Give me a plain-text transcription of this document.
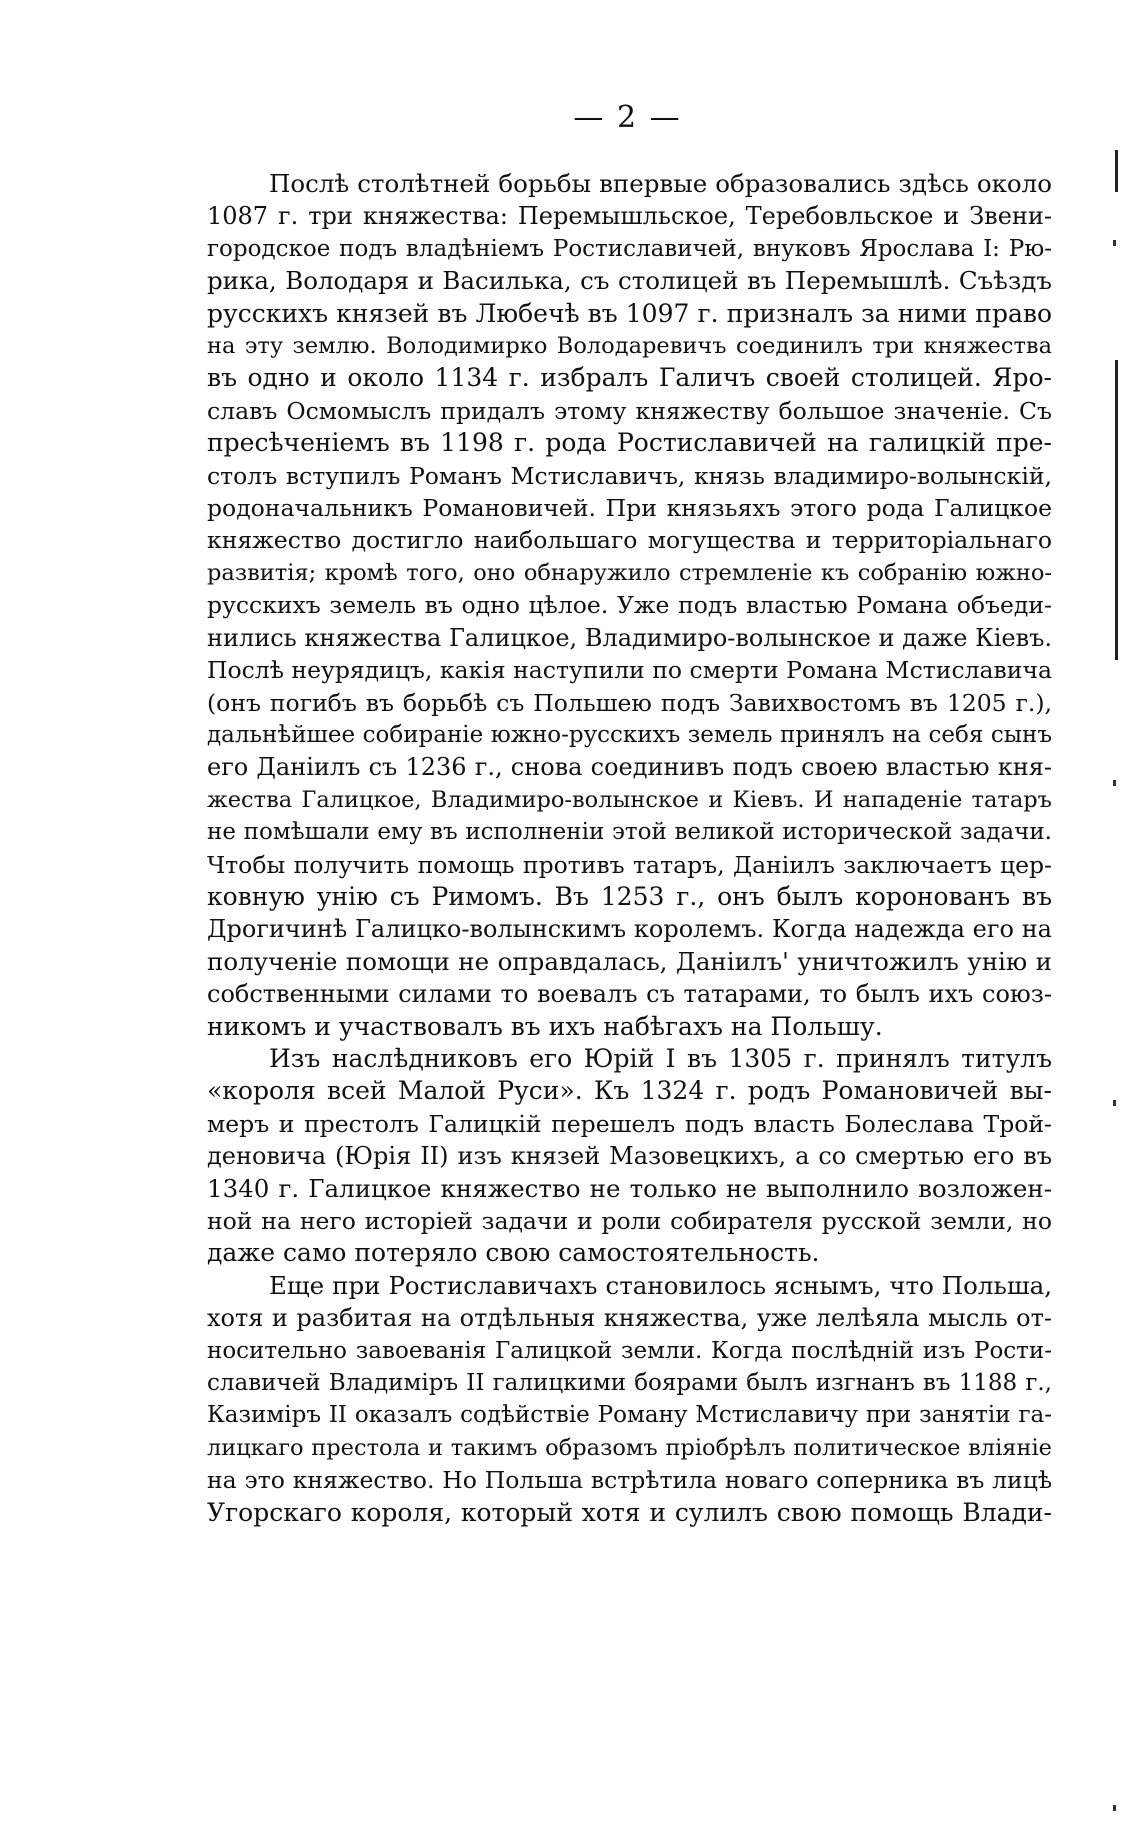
— 2 —
Послѣ столѣтней борьбы впервые образовались здѣсь около
1087 г. три княжества: Перемышльское, Теребовльское и Звени-
городское подъ владѣніемъ Ростиславичей, внуковъ Ярослава I: Рю-
рика, Володаря и Василька, съ столицей въ Перемышлѣ. Съѣздъ
русскихъ князей въ Любечѣ въ 1097 г. призналъ за ними право
на эту землю. Володимирко Володаревичъ соединилъ три княжества
въ одно и около 1134 г. избралъ Галичъ своей столицей. Яро-
славъ Осмомыслъ придалъ этому княжеству большое значеніе. Съ
пресѣченіемъ въ 1198 г. рода Ростиславичей на галицкій пре-
столъ вступилъ Романъ Мстиславичъ, князь владимиро-волынскій,
родоначальникъ Романовичей. При князьяхъ этого рода Галицкое
княжество достигло наибольшаго могущества и территоріальнаго
развитія; кромѣ того, оно обнаружило стремленіе къ собранію южно-
русскихъ земель въ одно цѣлое. Уже подъ властью Романа объеди-
нились княжества Галицкое, Владимиро-волынское и даже Кіевъ.
Послѣ неурядицъ, какія наступили по смерти Романа Мстиславича
(онъ погибъ въ борьбѣ съ Польшею подъ Завихвостомъ въ 1205 г.),
дальнѣйшее собираніе южно-русскихъ земель принялъ на себя сынъ
его Даніилъ съ 1236 г., снова соединивъ подъ своею властью кня-
жества Галицкое, Владимиро-волынское и Кіевъ. И нападеніе татаръ
не помѣшали ему въ исполненіи этой великой исторической задачи.
Чтобы получить помощь противъ татаръ, Даніилъ заключаетъ цер-
ковную унію съ Римомъ. Въ 1253 г., онъ былъ коронованъ въ
Дрогичинѣ Галицко-волынскимъ королемъ. Когда надежда его на
полученіе помощи не оправдалась, Даніилъ' уничтожилъ унію и
собственными силами то воевалъ съ татарами, то былъ ихъ союз-
никомъ и участвовалъ въ ихъ набѣгахъ на Польшу.
Изъ наслѣдниковъ его Юрій I въ 1305 г. принялъ титулъ
«короля всей Малой Руси». Къ 1324 г. родъ Романовичей вы-
меръ и престолъ Галицкій перешелъ подъ власть Болеслава Трой-
деновича (Юрія II) изъ князей Мазовецкихъ, а со смертью его въ
1340 г. Галицкое княжество не только не выполнило возложен-
ной на него исторіей задачи и роли собирателя русской земли, но
даже само потеряло свою самостоятельность.
Еще при Ростиславичахъ становилось яснымъ, что Польша,
хотя и разбитая на отдѣльныя княжества, уже лелѣяла мысль от-
носительно завоеванія Галицкой земли. Когда послѣдній изъ Рости-
славичей Владиміръ II галицкими боярами былъ изгнанъ въ 1188 г.,
Казиміръ II оказалъ содѣйствіе Роману Мстиславичу при занятіи га-
лицкаго престола и такимъ образомъ пріобрѣлъ политическое вліяніе
на это княжество. Но Польша встрѣтила новаго соперника въ лицѣ
Угорскаго короля, который хотя и сулилъ свою помощь Влади-
